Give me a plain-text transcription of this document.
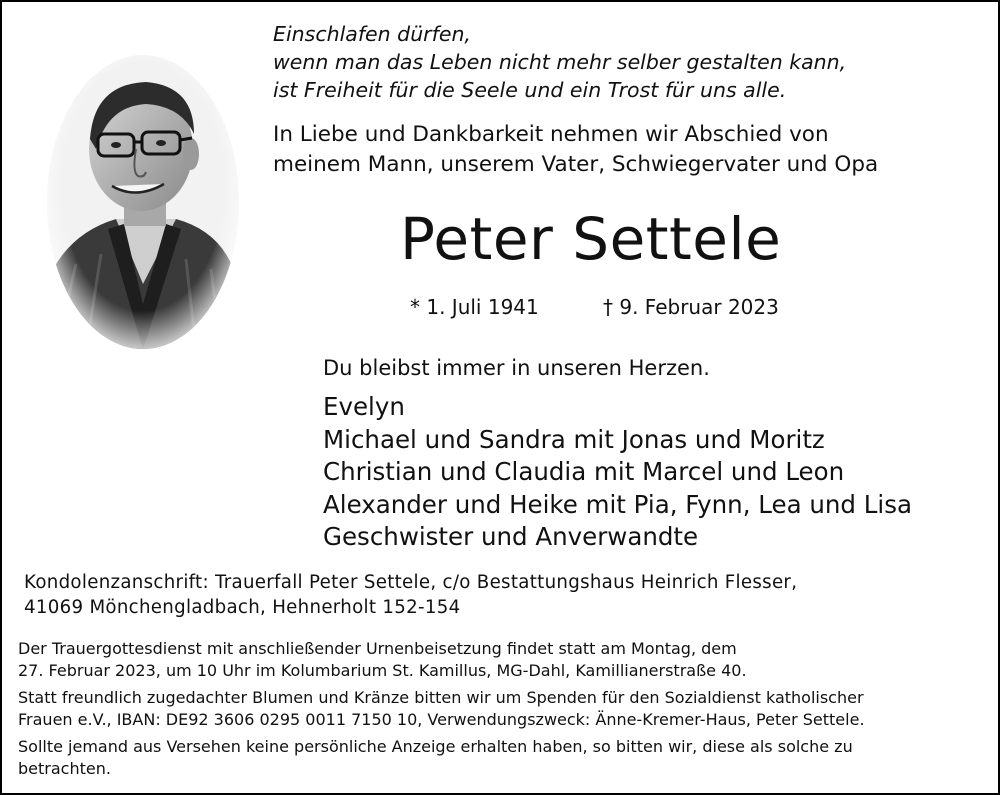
Einschlafen dürfen,
wenn man das Leben nicht mehr selber gestalten kann,
ist Freiheit für die Seele und ein Trost für uns alle.
In Liebe und Dankbarkeit nehmen wir Abschied von
meinem Mann, unserem Vater, Schwiegervater und Opa
Peter Settele
* 1. Juli 1941	† 9. Februar 2023
Du bleibst immer in unseren Herzen.
Evelyn
Michael und Sandra mit Jonas und Moritz
Christian und Claudia mit Marcel und Leon
Alexander und Heike mit Pia, Fynn, Lea und Lisa
Geschwister und Anverwandte
Kondolenzanschrift: Trauerfall Peter Settele, c/o Bestattungshaus Heinrich Flesser,
41069 Mönchengladbach, Hehnerholt 152-154
Der Trauergottesdienst mit anschließender Urnenbeisetzung findet statt am Montag, dem
27. Februar 2023, um 10 Uhr im Kolumbarium St. Kamillus, MG-Dahl, Kamillianerstraße 40.
Statt freundlich zugedachter Blumen und Kränze bitten wir um Spenden für den Sozialdienst katholischer
Frauen e.V., IBAN: DE92 3606 0295 0011 7150 10, Verwendungszweck: Änne-Kremer-Haus, Peter Settele.
Sollte jemand aus Versehen keine persönliche Anzeige erhalten haben, so bitten wir, diese als solche zu
betrachten.
